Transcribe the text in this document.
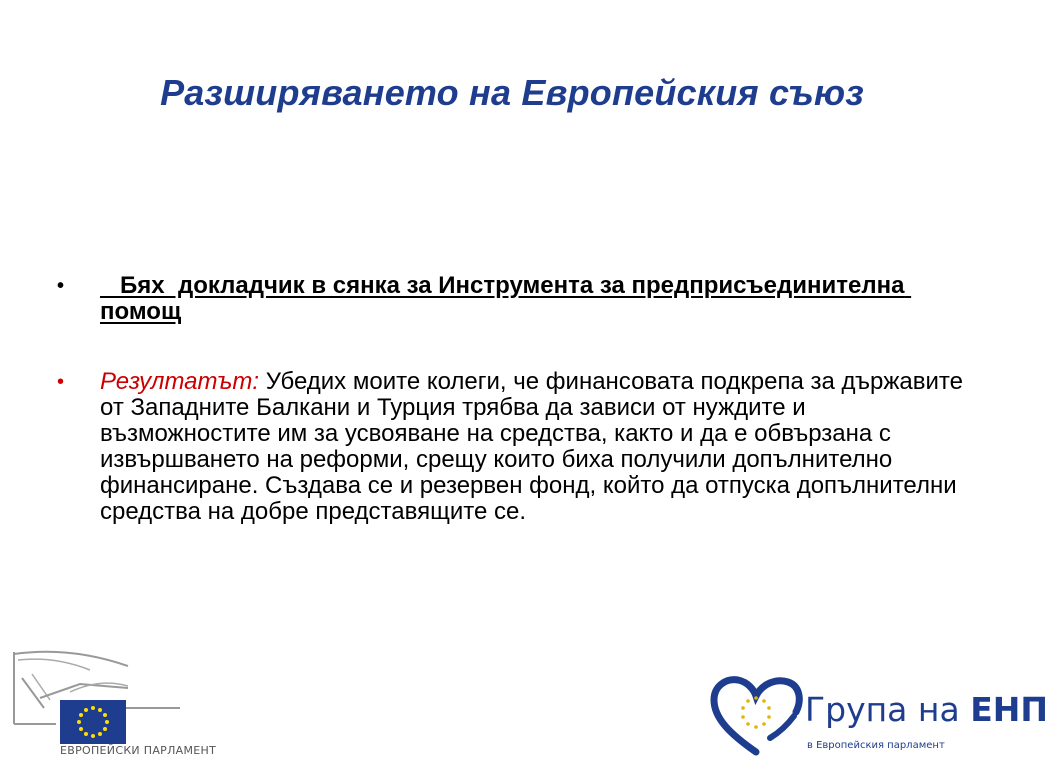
Разширяването на Европейския съюз
•	Бях  докладчик в сянка за Инструмента за предприсъединителна помощ
•	Резултатът: Убедих моите колеги, че финансовата подкрепа за държавите от Западните Балкани и Турция трябва да зависи от нуждите и възможностите им за усвояване на средства, както и да е обвързана с извършването на реформи, срещу които биха получили допълнително финансиране. Създава се и резервен фонд, който да отпуска допълнителни средства на добре представящите се.
ЕВРОПЕЙСКИ ПАРЛАМЕНТ
Група на ЕНП
в Европейския парламент
